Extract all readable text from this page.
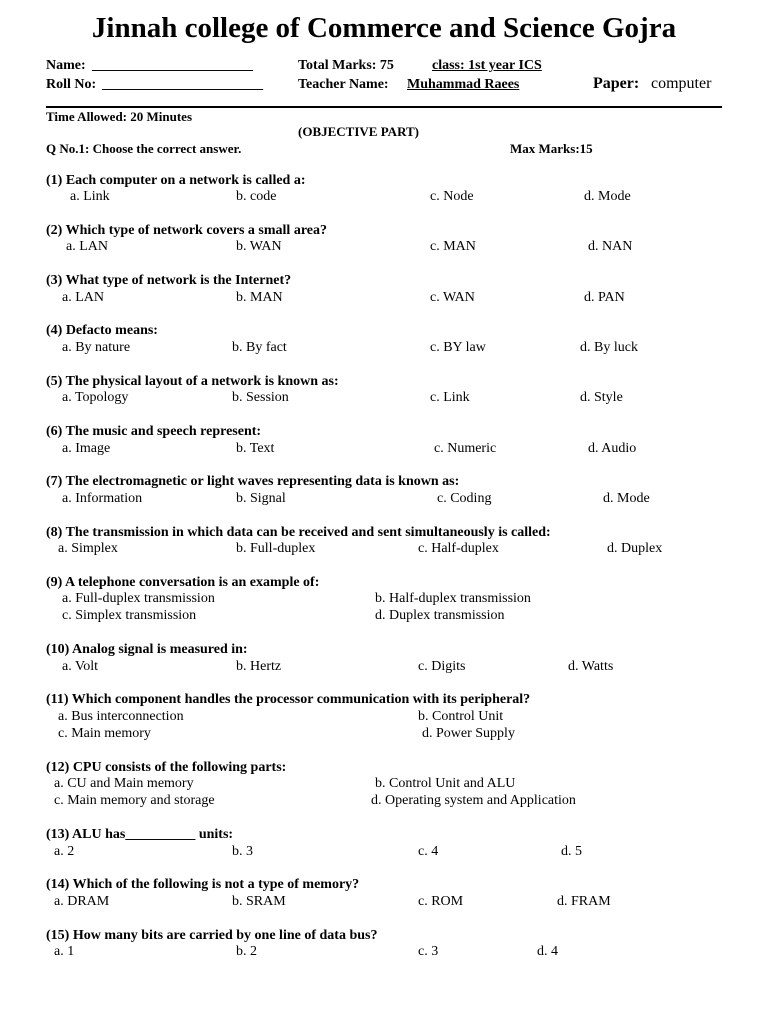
Jinnah college of Commerce and Science Gojra
Name: _______________________
Roll No: _______________________
Total Marks: 75	class: 1st year ICS
Teacher Name: Muhammad Raees	Paper: computer
Time Allowed: 20 Minutes
(OBJECTIVE PART)
Q No.1: Choose the correct answer.	Max Marks:15
(1) Each computer on a network is called a:
a. Link	b. code	c. Node	d. Mode
(2) Which type of network covers a small area?
a. LAN	b. WAN	c. MAN	d. NAN
(3) What type of network is the Internet?
a. LAN	b. MAN	c. WAN	d. PAN
(4) Defacto means:
a. By nature	b. By fact	c. BY law	d. By luck
(5) The physical layout of a network is known as:
a. Topology	b. Session	c. Link	d. Style
(6) The music and speech represent:
a. Image	b. Text	c. Numeric	d. Audio
(7) The electromagnetic or light waves representing data is known as:
a. Information	b. Signal	c. Coding	d. Mode
(8) The transmission in which data can be received and sent simultaneously is called:
a. Simplex	b. Full-duplex	c. Half-duplex	d. Duplex
(9) A telephone conversation is an example of:
a. Full-duplex transmission	b. Half-duplex transmission
c. Simplex transmission	d. Duplex transmission
(10) Analog signal is measured in:
a. Volt	b. Hertz	c. Digits	d. Watts
(11) Which component handles the processor communication with its peripheral?
a. Bus interconnection	b. Control Unit
c. Main memory	d. Power Supply
(12) CPU consists of the following parts:
a. CU and Main memory	b. Control Unit and ALU
c. Main memory and storage	d. Operating system and Application
(13) ALU has__________ units:
a. 2	b. 3	c. 4	d. 5
(14) Which of the following is not a type of memory?
a. DRAM	b. SRAM	c. ROM	d. FRAM
(15) How many bits are carried by one line of data bus?
a. 1	b. 2	c. 3	d. 4
